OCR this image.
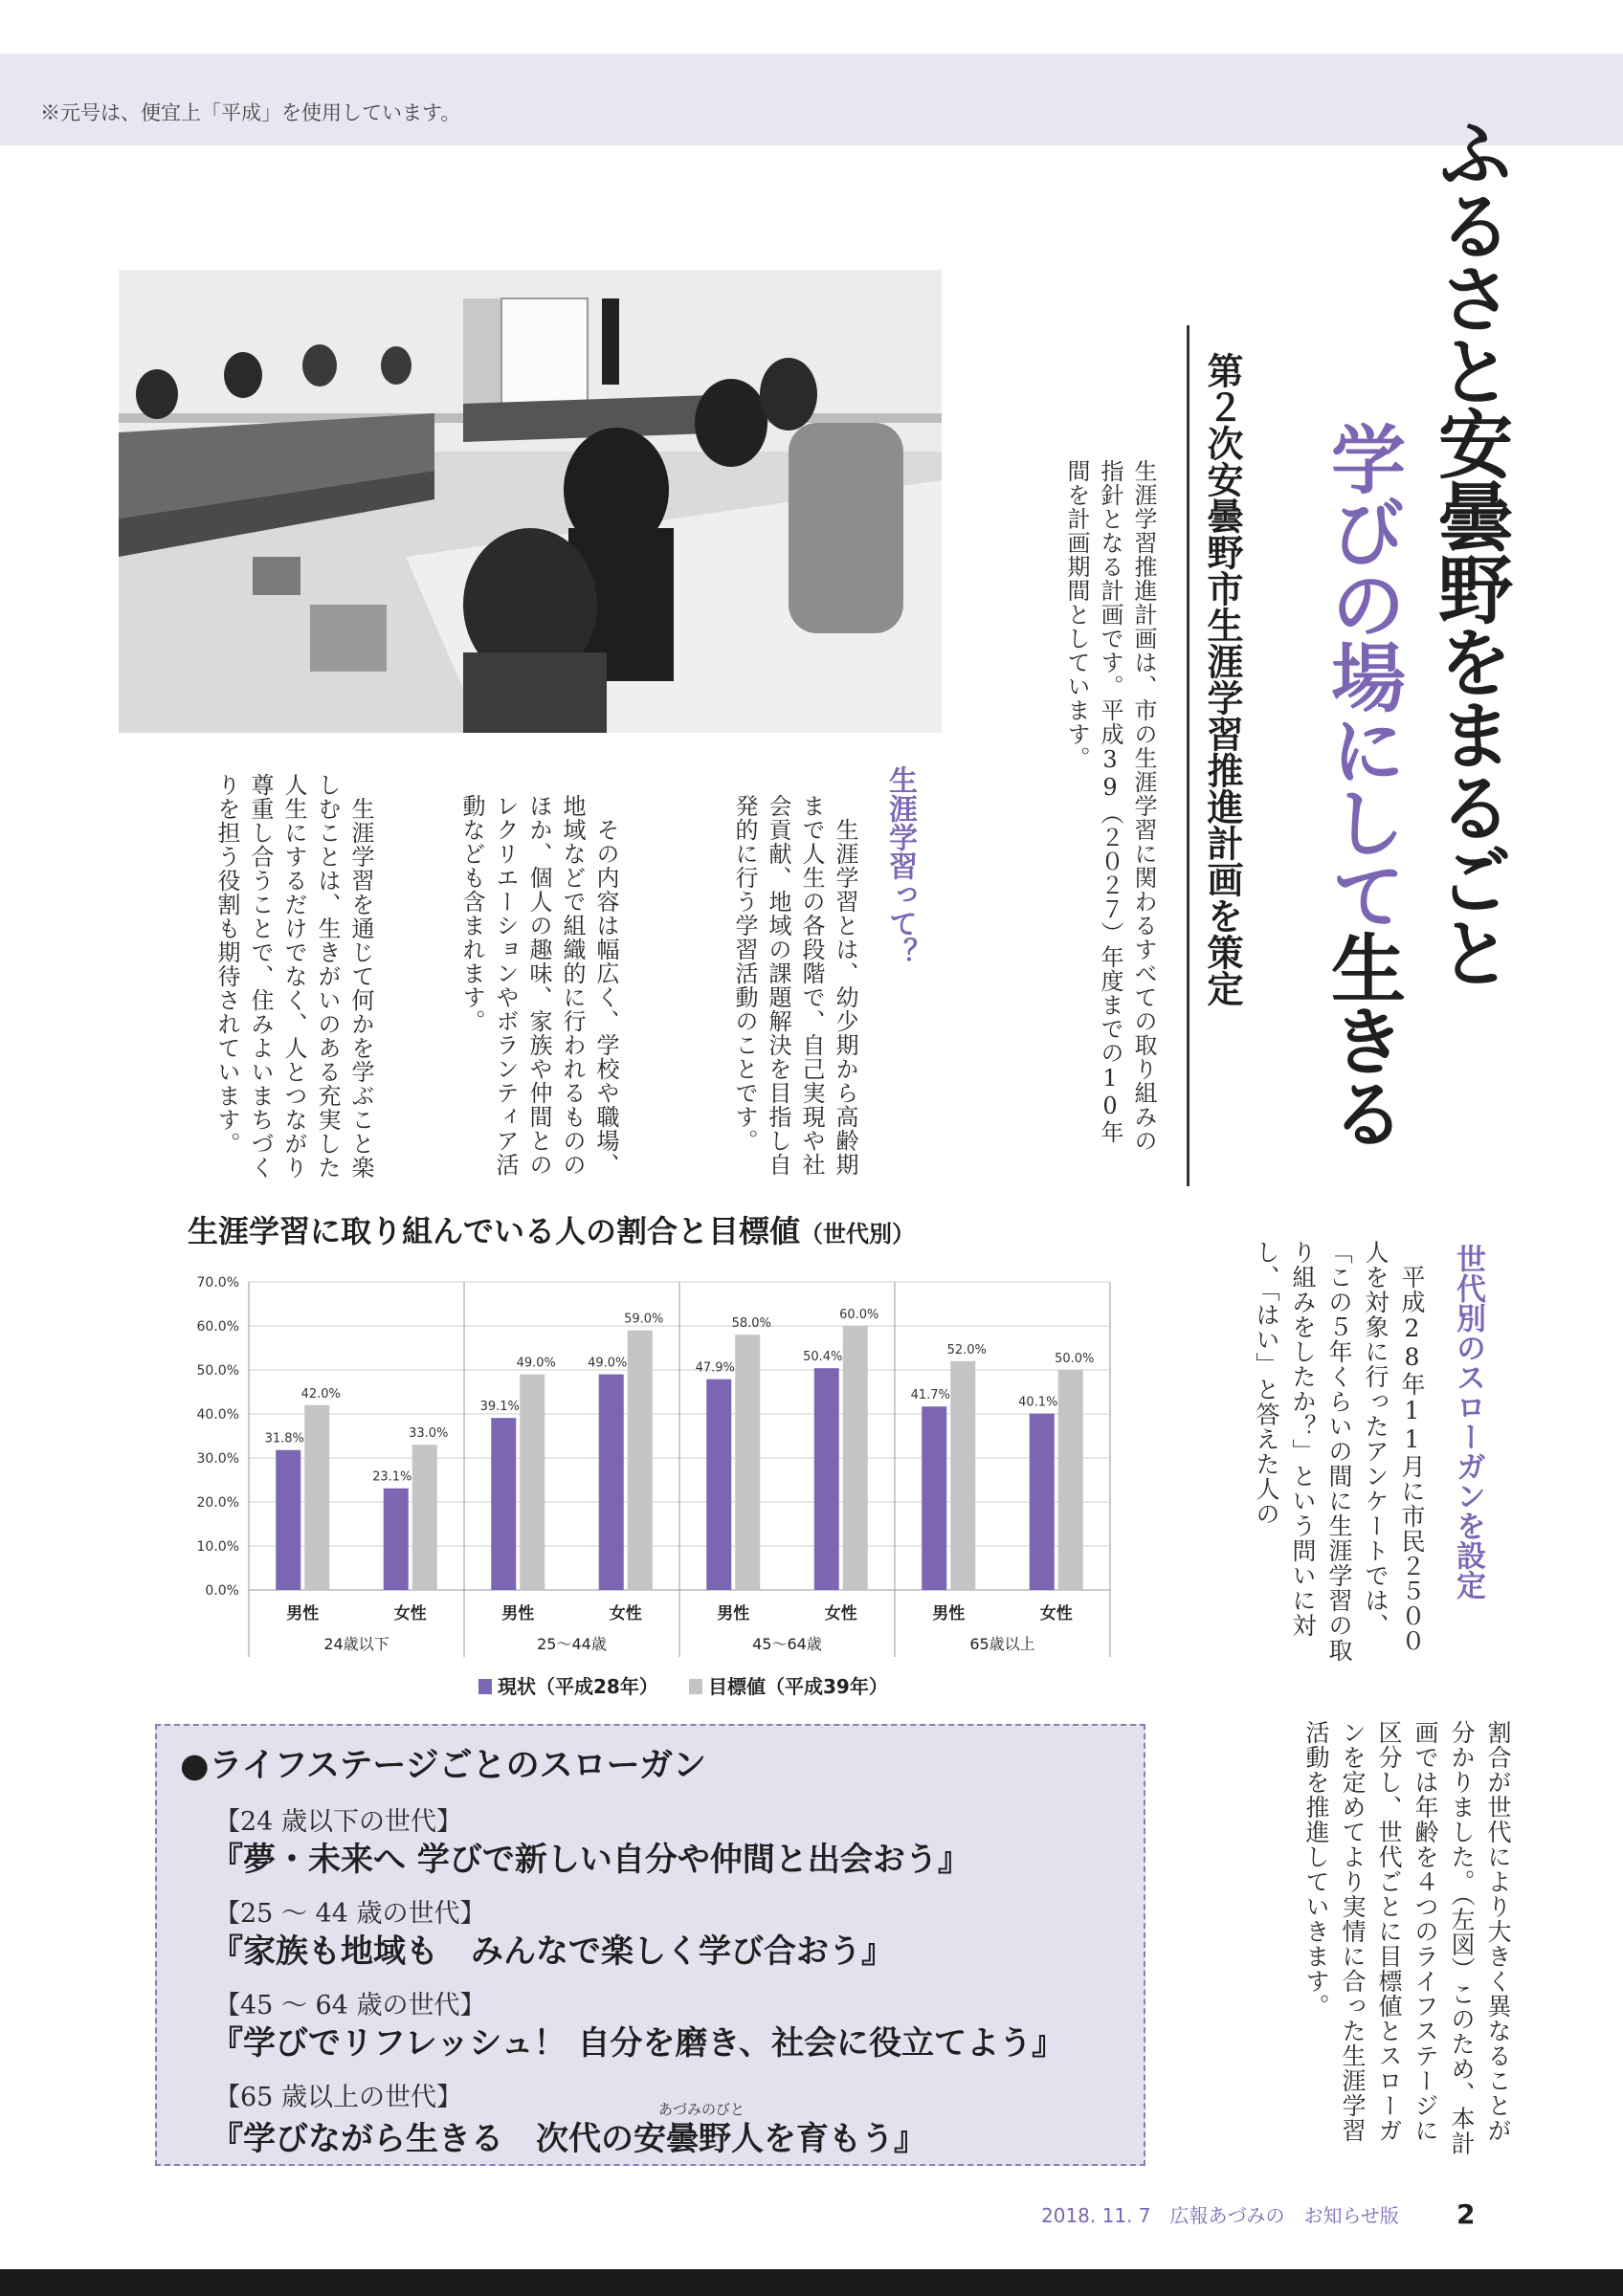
※元号は、便宜上「平成」を使用しています。
ふるさと安曇野をまるごと
学びの場にして生きる
第２次安曇野市生涯学習推進計画を策定
生涯学習推進計画は、市の生涯学習に関わるすべての取り組みの指針となる計画です。平成39（２０２７）年度までの10年間を計画期間としています。
生涯学習って？
　生涯学習とは、幼少期から高齢期まで人生の各段階で、自己実現や社会貢献、地域の課題解決を目指し自発的に行う学習活動のことです。
　その内容は幅広く、学校や職場、地域などで組織的に行われるもののほか、個人の趣味、家族や仲間とのレクリエーションやボランティア活動なども含まれます。
　生涯学習を通じて何かを学ぶこと楽しむことは、生きがいのある充実した人生にするだけでなく、人とつながり尊重し合うことで、住みよいまちづくりを担う役割も期待されています。
世代別のスローガンを設定
　平成28年11月に市民２５００人を対象に行ったアンケートでは、「この５年くらいの間に生涯学習の取り組みをしたか？」という問いに対し、「はい」と答えた人の
割合が世代により大きく異なることが分かりました。（左図）このため、本計画では年齢を４つのライフステージに区分し、世代ごとに目標値とスローガンを定めてより実情に合った生涯学習活動を推進していきます。
生涯学習に取り組んでいる人の割合と目標値（世代別）
0.0%
10.0%
20.0%
30.0%
40.0%
50.0%
60.0%
70.0%
31.8%
42.0%
男性
23.1%
33.0%
女性
39.1%
49.0%
男性
49.0%
59.0%
女性
47.9%
58.0%
男性
50.4%
60.0%
女性
41.7%
52.0%
男性
40.1%
50.0%
女性
24歳以下	25～44歳	45～64歳	65歳以上
現状（平成28年）	目標値（平成39年）
●ライフステージごとのスローガン
【24 歳以下の世代】
『夢・未来へ 学びで新しい自分や仲間と出会おう』
【25 ～ 44 歳の世代】
『家族も地域も　みんなで楽しく学び合おう』
【45 ～ 64 歳の世代】
『学びでリフレッシュ！ 自分を磨き、社会に役立てよう』
【65 歳以上の世代】	あづみのびと
『学びながら生きる　次代の安曇野人を育もう』
2018. 11. 7　広報あづみの　お知らせ版 2
